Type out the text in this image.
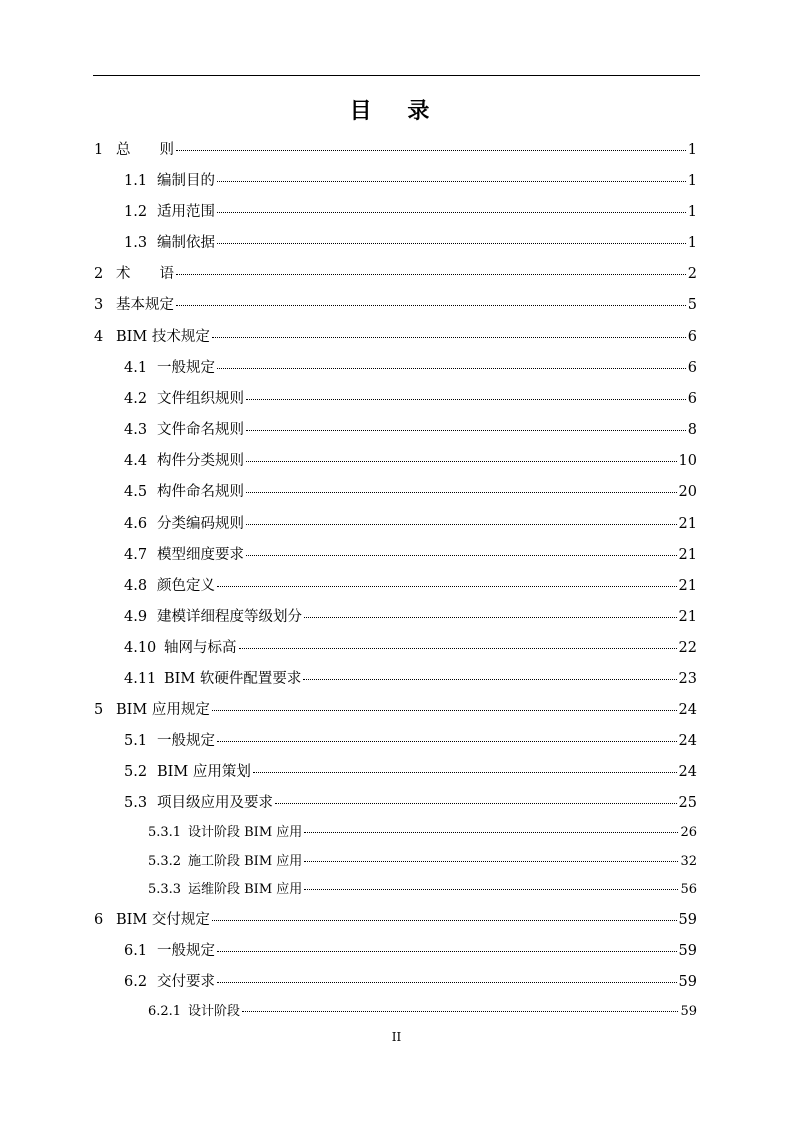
目 录
1 总　　则	1
1.1 编制目的	1
1.2 适用范围	1
1.3 编制依据	1
2 术　　语	2
3 基本规定	5
4 BIM 技术规定	6
4.1 一般规定	6
4.2 文件组织规则	6
4.3 文件命名规则	8
4.4 构件分类规则	10
4.5 构件命名规则	20
4.6 分类编码规则	21
4.7 模型细度要求	21
4.8 颜色定义	21
4.9 建模详细程度等级划分	21
4.10 轴网与标高	22
4.11 BIM 软硬件配置要求	23
5 BIM 应用规定	24
5.1 一般规定	24
5.2 BIM 应用策划	24
5.3 项目级应用及要求	25
5.3.1 设计阶段 BIM 应用	26
5.3.2 施工阶段 BIM 应用	32
5.3.3 运维阶段 BIM 应用	56
6 BIM 交付规定	59
6.1 一般规定	59
6.2 交付要求	59
6.2.1 设计阶段	59
II
